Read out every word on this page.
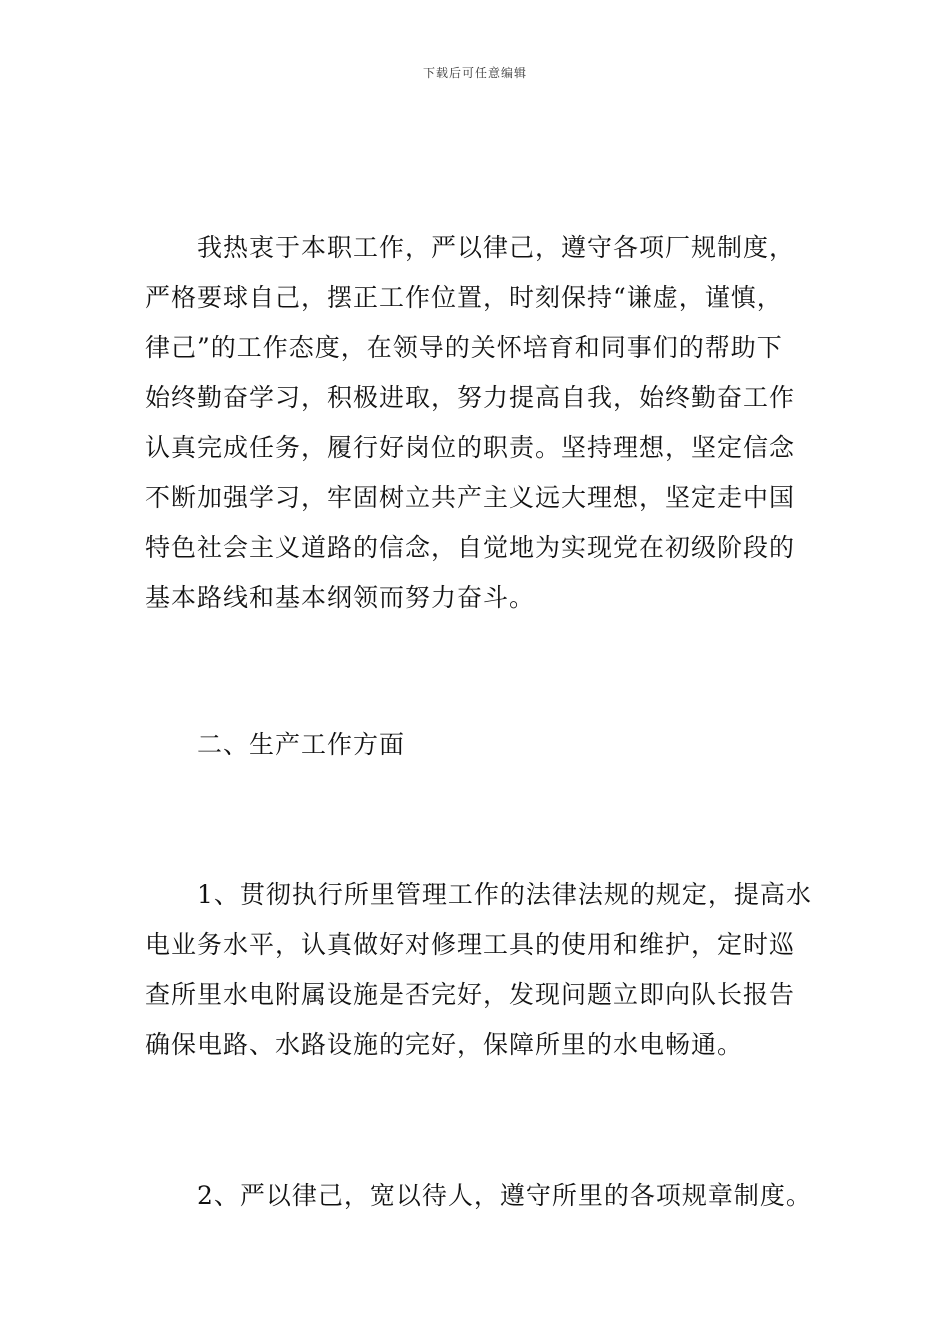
下载后可任意编辑
　　我热衷于本职工作，严以律己，遵守各项厂规制度，
严格要球自己，摆正工作位置，时刻保持“谦虚，谨慎，
律己”的工作态度，在领导的关怀培育和同事们的帮助下
始终勤奋学习，积极进取，努力提高自我，始终勤奋工作
认真完成任务，履行好岗位的职责。坚持理想，坚定信念
不断加强学习，牢固树立共产主义远大理想，坚定走中国
特色社会主义道路的信念，自觉地为实现党在初级阶段的
基本路线和基本纲领而努力奋斗。
　　二、生产工作方面
　　1、贯彻执行所里管理工作的法律法规的规定，提高水
电业务水平，认真做好对修理工具的使用和维护，定时巡
查所里水电附属设施是否完好，发现问题立即向队长报告
确保电路、水路设施的完好，保障所里的水电畅通。
　　2、严以律己，宽以待人，遵守所里的各项规章制度。
